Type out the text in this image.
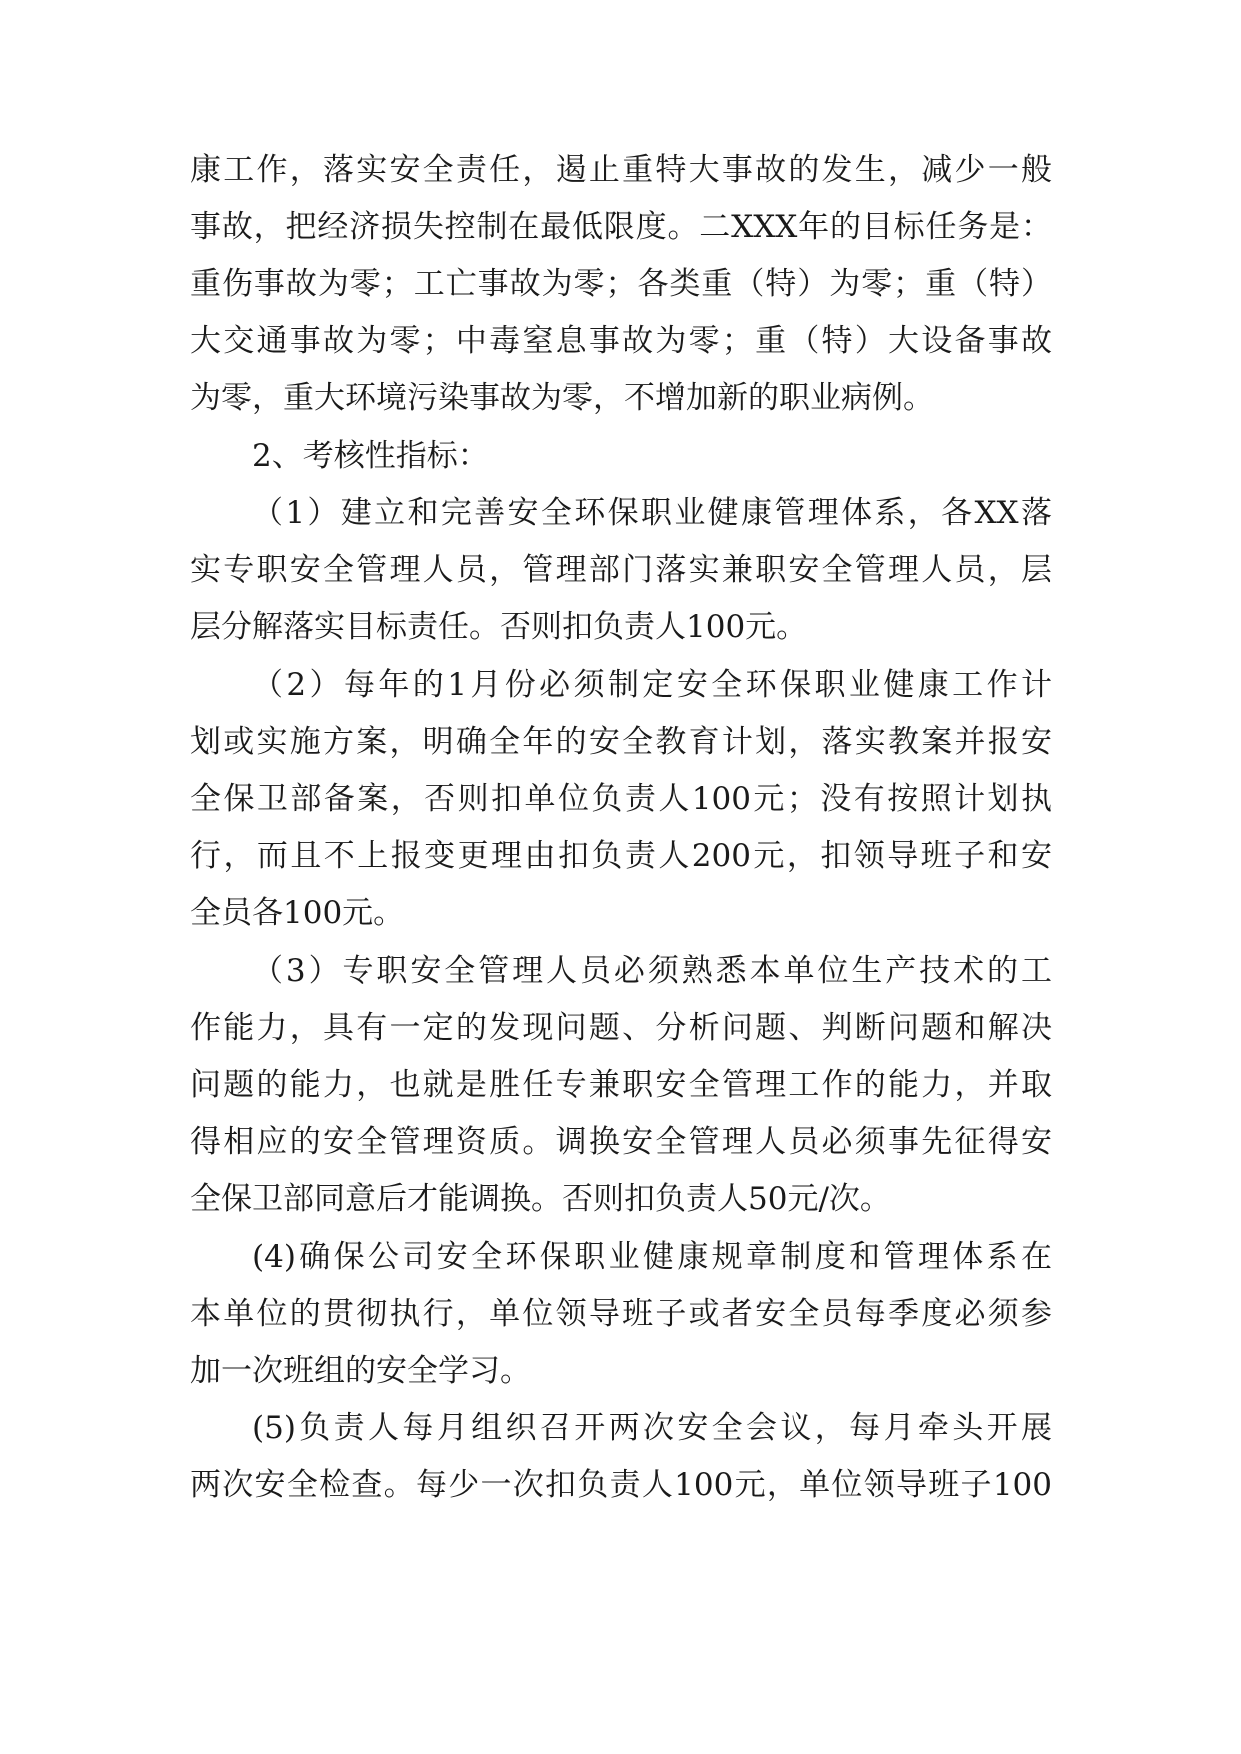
康工作，落实安全责任，遏止重特大事故的发生，减少一般
事故，把经济损失控制在最低限度。二XXX年的目标任务是：
重伤事故为零；工亡事故为零；各类重（特）为零；重（特）
大交通事故为零；中毒窒息事故为零；重（特）大设备事故
为零，重大环境污染事故为零，不增加新的职业病例。
2、考核性指标：
（1）建立和完善安全环保职业健康管理体系，各XX落
实专职安全管理人员，管理部门落实兼职安全管理人员，层
层分解落实目标责任。否则扣负责人100元。
（2）每年的1月份必须制定安全环保职业健康工作计
划或实施方案，明确全年的安全教育计划，落实教案并报安
全保卫部备案，否则扣单位负责人100元；没有按照计划执
行，而且不上报变更理由扣负责人200元，扣领导班子和安
全员各100元。
（3）专职安全管理人员必须熟悉本单位生产技术的工
作能力，具有一定的发现问题、分析问题、判断问题和解决
问题的能力，也就是胜任专兼职安全管理工作的能力，并取
得相应的安全管理资质。调换安全管理人员必须事先征得安
全保卫部同意后才能调换。否则扣负责人50元/次。
(4)确保公司安全环保职业健康规章制度和管理体系在
本单位的贯彻执行，单位领导班子或者安全员每季度必须参
加一次班组的安全学习。
(5)负责人每月组织召开两次安全会议，每月牵头开展
两次安全检查。每少一次扣负责人100元，单位领导班子100
